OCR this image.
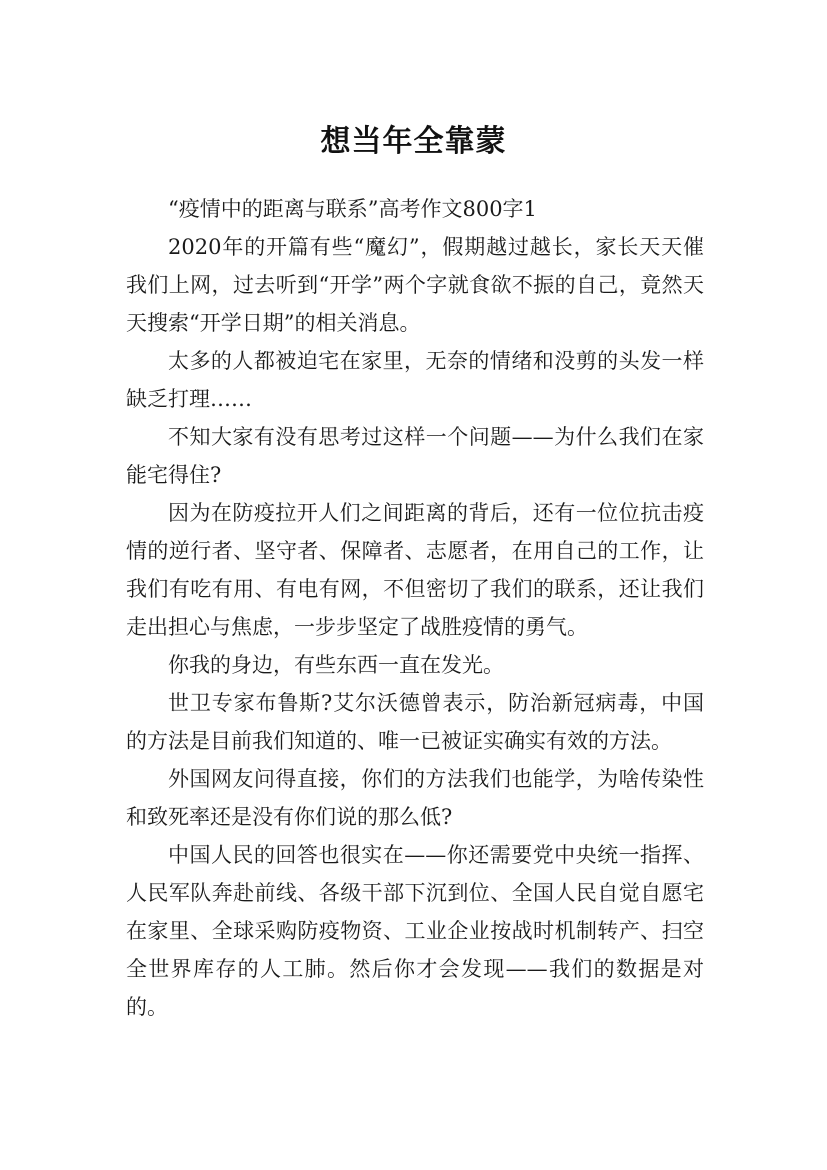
想当年全靠蒙

“疫情中的距离与联系”高考作文800字1

2020年的开篇有些“魔幻”，假期越过越长，家长天天催我们上网，过去听到“开学”两个字就食欲不振的自己，竟然天天搜索“开学日期”的相关消息。

太多的人都被迫宅在家里，无奈的情绪和没剪的头发一样缺乏打理……

不知大家有没有思考过这样一个问题——为什么我们在家能宅得住?

因为在防疫拉开人们之间距离的背后，还有一位位抗击疫情的逆行者、坚守者、保障者、志愿者，在用自己的工作，让我们有吃有用、有电有网，不但密切了我们的联系，还让我们走出担心与焦虑，一步步坚定了战胜疫情的勇气。

你我的身边，有些东西一直在发光。

世卫专家布鲁斯?艾尔沃德曾表示，防治新冠病毒，中国的方法是目前我们知道的、唯一已被证实确实有效的方法。

外国网友问得直接，你们的方法我们也能学，为啥传染性和致死率还是没有你们说的那么低?

中国人民的回答也很实在——你还需要党中央统一指挥、人民军队奔赴前线、各级干部下沉到位、全国人民自觉自愿宅在家里、全球采购防疫物资、工业企业按战时机制转产、扫空全世界库存的人工肺。然后你才会发现——我们的数据是对的。
